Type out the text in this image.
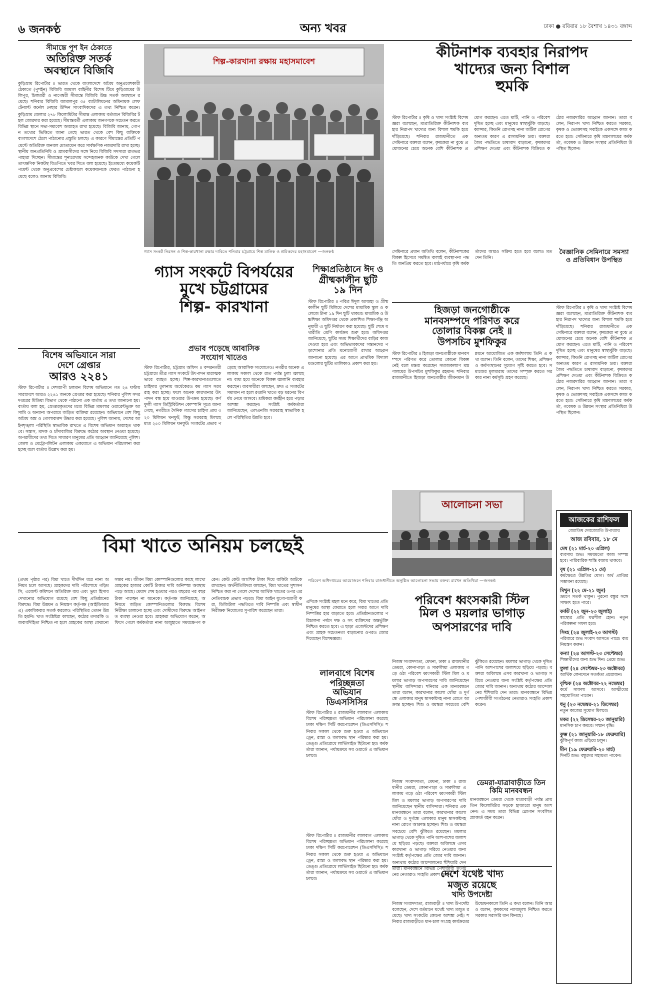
৬ জনকণ্ঠ	অন্য খবর	ঢাকা ● রবিবার ১৮ বৈশাখ ১৪৩১ বঙ্গাব্দ
সীমান্তে পুশ ইন ঠেকাতে
অতিরিক্ত সতর্ক
অবস্থানে বিজিবি
কুড়িগ্রাম রিপোর্টার ॥ ভারত থেকে বাংলাদেশে অবৈধ অনুপ্রবেশকারী ঠেকাতে (পুশইন) বিজিবি জামাল বাহিনীর বিশেষ টিমে কুড়িগ্রামের উলিপুর, চিলমারী ও নাগেশ্বরী সীমান্তে বিজিবি উচ্চ সতর্ক অবস্থানে রয়েছে। শনিবার বিজিবি জামালপুর ৩৫ ব্যাটালিয়নের অধিনায়ক লেফটেন্যান্ট কর্নেল নেছার উদ্দিন সাংবাদিকদের এ তথ্য নিশ্চিত করেন। কুড়িগ্রাম জেলার ২৭৮ কিলোমিটার সীমান্ত এলাকায় বর্তমানে বিজিবির টহল জোরদার করা হয়েছে। সীমান্তবর্তী এলাকায় জনগণকে সচেতন করতে বিভিন্ন স্থানে সভা-সমাবেশ অব্যাহত রাখা হয়েছে। বিজিবি জানায়, গোপন তথ্যের ভিত্তিতে জানা গেছে ভারত থেকে বেশ কিছু ব্যক্তিকে বাংলাদেশে ঠেলে পাঠানোর প্রস্তুতি চলছে। এ কারণে সীমান্তের প্রতিটি পয়েন্টে অতিরিক্ত জনবল মোতায়েন করে সার্বক্ষণিক নজরদারি রাখা হচ্ছে। স্থানীয় জনপ্রতিনিধি ও গ্রামবাসীদের সঙ্গে নিয়ে বিজিবি সদস্যরা রাতভর পাহারা দিচ্ছেন। সীমান্তের শূন্যরেখায় সন্দেহজনক কাউকে দেখা গেলে তাৎক্ষণিক নিকটস্থ বিওপিতে খবর দিতে বলা হয়েছে। ইতোমধ্যে কয়েকটি পয়েন্ট থেকে অনুপ্রবেশের চেষ্টাকালে কয়েকজনকে ফেরত পাঠানো হয়েছে বলেও জানায় বিজিবি।
বিশেষ অভিযানে সারা
দেশে গ্রেপ্তার
আরও ২২৪১
স্টাফ রিপোর্টার ॥ দেশব্যাপী চলমান বিশেষ অভিযানে গত ২৪ ঘণ্টায় সারাদেশে আরও ২২৪১ জনকে গ্রেপ্তার করা হয়েছে। শনিবার পুলিশ সদর দপ্তরের মিডিয়া বিভাগ থেকে পাঠানো এক বার্তায় এ তথ্য জানানো হয়। বার্তায় বলা হয়, গ্রেপ্তারকৃতদের মধ্যে বিভিন্ন মামলার ওয়ারেন্টভুক্ত আসামি ও অন্যান্য অপরাধে জড়িত ব্যক্তিরা রয়েছেন। অভিযানে বেশ কিছু অবৈধ অস্ত্র ও গোলাবারুদ উদ্ধার করা হয়েছে। পুলিশ জানায়, দেশের আইনশৃঙ্খলা পরিস্থিতি স্বাভাবিক রাখতে এ বিশেষ অভিযান অব্যাহত থাকবে। সন্ত্রাস, মাদক ও চাঁদাবাজির বিরুদ্ধে কঠোর অবস্থান নেওয়া হয়েছে। অপরাধীদের তথ্য দিতে সাধারণ মানুষের প্রতি আহ্বান জানিয়েছে পুলিশ। জেলা ও মেট্রোপলিটন এলাকায় একযোগে এ অভিযান পরিচালনা করা হচ্ছে বলে বার্তায় উল্লেখ করা হয়।
শিল্প-কারখানা রক্ষায় মহাসমাবেশ
গ্যাস সংকট নিরসন ও শিল্প-কারখানা রক্ষার দাবিতে শনিবার চট্টগ্রামে শিল্প মালিক ও শ্রমিকদের মহাসমাবেশ —জনকণ্ঠ
গ্যাস সংকটে বিপর্যয়ের
মুখে চট্টগ্রামের
শিল্প- কারখানা
প্রভাব পড়েছে আবাসিক
সংযোগ খাতেও
স্টাফ রিপোর্টার, চট্টগ্রাম অফিস ॥ বন্দরনগরী চট্টগ্রামে তীব্র গ্যাস সংকটে উৎপাদন মারাত্মকভাবে ব্যাহত হচ্ছে। শিল্প-কারখানাগুলোতে চাহিদার তুলনায় অর্ধেকেরও কম গ্যাস সরবরাহ করা হচ্ছে। ফলে অনেক কারখানার উৎপাদন বন্ধ হয়ে যাওয়ার উপক্রম হয়েছে। কর্ণফুলী গ্যাস ডিস্ট্রিবিউশন কোম্পানি সূত্রে জানা গেছে, নগরীতে দৈনিক গ্যাসের চাহিদা প্রায় ৩২০ মিলিয়ন ঘনফুট, কিন্তু সরবরাহ মিলছে মাত্র ২৫০ মিলিয়ন ঘনফুট। সংকটের প্রভাব পড়েছে আবাসিক সংযোগেও। নগরীর অনেক এলাকায় সকাল থেকে রাত পর্যন্ত চুলা জ্বলছে না। বাধ্য হয়ে অনেকে বিকল্প জ্বালানি ব্যবহার করছেন। ব্যবসায়ীরা বলছেন, দ্রুত এ সংকটের সমাধান না হলে রপ্তানি খাতে বড় ধরনের বিপর্যয় নেমে আসবে। শ্রমিকরা কর্মহীন হয়ে পড়ার আশঙ্কা করছেন। সংশ্লিষ্ট কর্মকর্তারা জানিয়েছেন, এলএনজি সরবরাহ স্বাভাবিক হলে পরিস্থিতির উন্নতি হবে।
শিক্ষাপ্রতিষ্ঠানে ঈদ ও
গ্রীষ্মকালীন ছুটি
১৯ দিন
স্টাফ রিপোর্টার ॥ পবিত্র ঈদুল আজহা ও গ্রীষ্মকালীন ছুটি মিলিয়ে দেশের মাধ্যমিক স্কুল ও কলেজে টানা ১৯ দিন ছুটি থাকবে। মাধ্যমিক ও উচ্চশিক্ষা অধিদপ্তর থেকে প্রকাশিত শিক্ষাপঞ্জি অনুযায়ী এ ছুটি নির্ধারণ করা হয়েছে। ছুটি শেষে যথারীতি শ্রেণি কার্যক্রম শুরু হবে। অধিদপ্তর জানিয়েছে, ছুটির সময় শিক্ষার্থীদের বাড়ির কাজ দেওয়া হবে এবং অভিভাবকদের সন্তানদের পড়াশোনার প্রতি মনোযোগী রাখার আহ্বান জানানো হয়েছে। এর আগে প্রাথমিক বিদ্যালয়গুলোর ছুটির তালিকাও প্রকাশ করা হয়।
কীটনাশক ব্যবহার নিরাপদ
খাদ্যের জন্য বিশাল
হুমকি
স্টাফ রিপোর্টার ॥ কৃষি ও খাদ্য সংশ্লিষ্ট বিশেষজ্ঞরা বলেছেন, মাত্রাতিরিক্ত কীটনাশক ব্যবহার নিরাপদ খাদ্যের জন্য বিশাল হুমকি হয়ে দাঁড়িয়েছে। শনিবার রাজধানীতে এক সেমিনারে বক্তারা বলেন, কৃষকেরা না বুঝে প্রয়োজনের চেয়ে অনেক বেশি কীটনাশক প্রয়োগ করছেন। এতে মাটি, পানি ও পরিবেশ দূষিত হচ্ছে এবং মানুষের স্বাস্থ্যঝুঁকি বাড়ছে। ক্যান্সার, কিডনি রোগসহ নানা জটিল রোগের অন্যতম কারণ এ রাসায়নিক দ্রব্য। বক্তারা জৈব পদ্ধতিতে চাষাবাদ বাড়ানো, কৃষকদের প্রশিক্ষণ দেওয়া এবং কীটনাশক বিক্রিতে কঠোর নজরদারির আহ্বান জানান। তারা বলেন, নিরাপদ খাদ্য নিশ্চিত করতে সরকার, কৃষক ও ভোক্তাসহ সবাইকে একসঙ্গে কাজ করতে হবে। সেমিনারে কৃষি মন্ত্রণালয়ের কর্মকর্তা, গবেষক ও উন্নয়ন সংস্থার প্রতিনিধিরা উপস্থিত ছিলেন।
বৈজ্ঞানিক সেমিনারে সমস্যা ও প্রতিবিধান উপস্থিত
সেমিনারে প্রধান অতিথি বলেন, কীটনাশকের বিকল্প হিসেবে সমন্বিত বালাই ব্যবস্থাপনা পদ্ধতি জনপ্রিয় করতে হবে। মাঠপর্যায়ে কৃষি কর্মকর্তাদের আরও সক্রিয় হতে হবে বলেও মত দেন তিনি।
হিজড়া জনগোষ্ঠীকে
মানবসম্পদে পরিণত করে
তোলার বিকল্প নেই ॥
উপসচিব মুশফিকুর
স্টাফ রিপোর্টার ॥ হিজড়া জনগোষ্ঠীকে মানবসম্পদে পরিণত করে তোলার কোনো বিকল্প নেই বলে মন্তব্য করেছেন সমাজকল্যাণ মন্ত্রণালয়ের উপসচিব মুশফিকুর রহমান। শনিবার রাজধানীতে হিজড়া জনগোষ্ঠীর জীবনমান উন্নয়নে আয়োজিত এক কর্মশালায় তিনি এ কথা বলেন। তিনি বলেন, তাদের শিক্ষা, প্রশিক্ষণ ও কর্মসংস্থানের সুযোগ সৃষ্টি করতে হবে। সমাজের মূলধারায় তাদের সম্পৃক্ত করতে সরকার নানা কর্মসূচি গ্রহণ করেছে।
স্টাফ রিপোর্টার ॥ কৃষি ও খাদ্য সংশ্লিষ্ট বিশেষজ্ঞরা বলেছেন, মাত্রাতিরিক্ত কীটনাশক ব্যবহার নিরাপদ খাদ্যের জন্য বিশাল হুমকি হয়ে দাঁড়িয়েছে। শনিবার রাজধানীতে এক সেমিনারে বক্তারা বলেন, কৃষকেরা না বুঝে প্রয়োজনের চেয়ে অনেক বেশি কীটনাশক প্রয়োগ করছেন। এতে মাটি, পানি ও পরিবেশ দূষিত হচ্ছে এবং মানুষের স্বাস্থ্যঝুঁকি বাড়ছে। ক্যান্সার, কিডনি রোগসহ নানা জটিল রোগের অন্যতম কারণ এ রাসায়নিক দ্রব্য। বক্তারা জৈব পদ্ধতিতে চাষাবাদ বাড়ানো, কৃষকদের প্রশিক্ষণ দেওয়া এবং কীটনাশক বিক্রিতে কঠোর নজরদারির আহ্বান জানান। তারা বলেন, নিরাপদ খাদ্য নিশ্চিত করতে সরকার, কৃষক ও ভোক্তাসহ সবাইকে একসঙ্গে কাজ করতে হবে। সেমিনারে কৃষি মন্ত্রণালয়ের কর্মকর্তা, গবেষক ও উন্নয়ন সংস্থার প্রতিনিধিরা উপস্থিত ছিলেন।
আলোচনা সভা
পরিবেশ অধিদপ্তরের আয়োজনে শনিবার রাজধানীতে অনুষ্ঠিত আলোচনা সভায় বক্তব্য রাখেন অতিথিরা —জনকণ্ঠ
আজকের রাশিফল
জ্যোতিষ দেবজ্যোতি উপাধ্যায়
আজ রবিবার, ১৮ মে
মেষ (২১ মার্চ-২০ এপ্রিল)
ব্যবসায় শুভ। সময়মতো কাজ সম্পন্ন হবে। পারিবারিক শান্তি বজায় থাকবে।
বৃষ (২১ এপ্রিল-২১ মে)
কর্মক্ষেত্রে উন্নতির যোগ। অর্থ প্রাপ্তির সম্ভাবনা রয়েছে।
মিথুন (২২ মে-২১ জুন)
ভ্রমণে সতর্ক থাকুন। পুরনো বন্ধুর সঙ্গে সাক্ষাৎ হতে পারে।
কর্কট (২২ জুন-২৩ জুলাই)
স্বাস্থ্যের প্রতি যত্নশীল হোন। নতুন পরিকল্পনা সফল হবে।
সিংহ (২৪ জুলাই-২৩ আগস্ট)
পরিবারে শুভ সংবাদ আসতে পারে। ব্যয় নিয়ন্ত্রণ করুন।
কন্যা (২৪ আগস্ট-২৩ সেপ্টেম্বর)
শিক্ষার্থীদের জন্য শুভ দিন। প্রেমে শুভ।
তুলা (২৪ সেপ্টেম্বর-২৩ অক্টোবর)
আর্থিক লেনদেনে সতর্কতা প্রয়োজন।
বৃশ্চিক (২৪ অক্টোবর-২২ নভেম্বর)
কর্মে সাফল্য আসবে। আত্মীয়ের সহযোগিতা পাবেন।
ধনু (২৩ নভেম্বর-২১ ডিসেম্বর)
নতুন কাজের সুযোগ মিলবে।
মকর (২২ ডিসেম্বর-২০ জানুয়ারি)
মানসিক চাপ কমবে। সম্মান বৃদ্ধি।
কুম্ভ (২১ জানুয়ারি-১৮ ফেব্রুয়ারি)
ঝুঁকিপূর্ণ কাজ এড়িয়ে চলুন।
মীন (১৯ ফেব্রুয়ারি-২০ মার্চ)
দিনটি শুভ। বন্ধুদের সহায়তা পাবেন।
বিমা খাতে অনিয়ম চলছেই
(প্রথম পৃষ্ঠার পর) বিমা খাতে দীর্ঘদিন ধরে নানা অনিয়ম চলে আসছে। গ্রাহকদের দাবি পরিশোধে গড়িমসি, এজেন্ট কমিশনে অতিরিক্ত ব্যয় এবং ভুয়া হিসাব দেখানোর অভিযোগ রয়েছে বেশ কিছু প্রতিষ্ঠানের বিরুদ্ধে। বিমা উন্নয়ন ও নিয়ন্ত্রণ কর্তৃপক্ষ (আইডিআরএ) একাধিকবার সতর্ক করলেও পরিস্থিতির তেমন উন্নতি হয়নি। খাত সংশ্লিষ্টরা বলছেন, কঠোর তদারকি ও জবাবদিহিতা নিশ্চিত না হলে গ্রাহকের আস্থা ফেরানো সম্ভব নয়। জীবন বিমা কোম্পানিগুলোর কাছে লাখো গ্রাহকের হাজার কোটি টাকার দাবি অনিষ্পন্ন অবস্থায় পড়ে আছে। মেয়াদ শেষ হওয়ার পরও বছরের পর বছর টাকা পাচ্ছেন না অনেকে। কর্তৃপক্ষ জানিয়েছে, অনিয়মে জড়িত কোম্পানিগুলোর বিরুদ্ধে বিশেষ নিরীক্ষা চালানো হচ্ছে এবং দোষীদের বিরুদ্ধে আইনগত ব্যবস্থা নেওয়া হবে। গ্রাহকরা অভিযোগ করেন, অফিসে গেলে কর্মকর্তারা নানা অজুহাতে সময়ক্ষেপণ করেন। কেউ কেউ আংশিক টাকা দিয়ে বাকিটা আটকে রাখছেন। অর্থনীতিবিদরা বলছেন, বিমা খাতের সুশাসন নিশ্চিত করা না গেলে দেশের আর্থিক খাতের ওপর এর নেতিবাচক প্রভাব পড়বে। বিমা আইন যুগোপযোগী করা, ডিজিটাল পদ্ধতিতে দাবি নিষ্পত্তি এবং স্বাধীন নিরীক্ষক নিয়োগের সুপারিশ করেছেন তারা।
এদিকে সংশ্লিষ্ট মহল মনে করে, বিমা খাতের প্রতি মানুষের আস্থা ফেরাতে হলে সবার আগে দাবি নিষ্পত্তির হার বাড়াতে হবে। প্রতিষ্ঠানগুলোর পরিচালনা পর্ষদে দক্ষ ও সৎ ব্যক্তিদের অন্তর্ভুক্তি নিশ্চিত করতে হবে। এ ছাড়া এজেন্টদের প্রশিক্ষণ এবং গ্রাহক সচেতনতা বাড়ানোর ওপরও জোর দিয়েছেন বিশেষজ্ঞরা।
লালবাগে বিশেষ
পরিচ্ছন্নতা
অভিযান
ডিএসসিসির
স্টাফ রিপোর্টার ॥ রাজধানীর লালবাগ এলাকায় বিশেষ পরিচ্ছন্নতা অভিযান পরিচালনা করেছে ঢাকা দক্ষিণ সিটি করপোরেশন (ডিএসসিসি)। শনিবার সকাল থেকে শুরু হওয়া এ অভিযানে ড্রেন, রাস্তা ও জলাবদ্ধ স্থান পরিষ্কার করা হয়। ডেঙ্গু প্রতিরোধে লার্ভিসাইড ছিটানো হয়। কর্মকর্তারা জানান, পর্যায়ক্রমে সব ওয়ার্ডে এ অভিযান চলবে।
পরিবেশ ধ্বংসকারী স্টিল
মিল ও ময়লার ভাগাড়
অপসারণের দাবি
নিজস্ব সংবাদদাতা, মেঘনা, ঢাকা ॥ রাজধানীর ডেমরা, কোনাপাড়া ও সারুলিয়া এলাকায় গড়ে ওঠা পরিবেশ ধ্বংসকারী স্টিল মিল ও ময়লার ভাগাড় অপসারণের দাবি জানিয়েছেন স্থানীয় বাসিন্দারা। শনিবার এক মানববন্ধনে তারা বলেন, কারখানার কালো ধোঁয়া ও দুর্গন্ধে এলাকার মানুষ শ্বাসকষ্টসহ নানা রোগে আক্রান্ত হচ্ছেন। শিশু ও বয়স্করা সবচেয়ে বেশি ঝুঁকিতে রয়েছেন। ময়লার ভাগাড় থেকে দূষিত পানি আশপাশের জলাশয়ে ছড়িয়ে পড়ছে। বক্তারা অবিলম্বে এসব কারখানা ও ভাগাড় সরিয়ে নেওয়ার জন্য সংশ্লিষ্ট কর্তৃপক্ষের প্রতি জোর দাবি জানান। অন্যথায় কঠোর আন্দোলনের হুঁশিয়ারি দেন তারা। মানববন্ধনে বিভিন্ন পেশাজীবী সংগঠনের নেতারাও সংহতি প্রকাশ করেন।
ডেমরা-যাত্রাবাড়ীতে তিন
কিমি মানববন্ধন
মানববন্ধনে ডেমরা থেকে যাত্রাবাড়ী পর্যন্ত প্রায় তিন কিলোমিটার সড়কে হাজারো মানুষ অংশ নেন। এ সময় তারা বিভিন্ন স্লোগান সংবলিত প্ল্যাকার্ড বহন করেন।
নিজস্ব সংবাদদাতা, মেঘনা, ঢাকা ॥ রাজধানীর ডেমরা, কোনাপাড়া ও সারুলিয়া এলাকায় গড়ে ওঠা পরিবেশ ধ্বংসকারী স্টিল মিল ও ময়লার ভাগাড় অপসারণের দাবি জানিয়েছেন স্থানীয় বাসিন্দারা। শনিবার এক মানববন্ধনে তারা বলেন, কারখানার কালো ধোঁয়া ও দুর্গন্ধে এলাকার মানুষ শ্বাসকষ্টসহ নানা রোগে আক্রান্ত হচ্ছেন। শিশু ও বয়স্করা সবচেয়ে বেশি ঝুঁকিতে রয়েছেন। ময়লার ভাগাড় থেকে দূষিত পানি আশপাশের জলাশয়ে ছড়িয়ে পড়ছে। বক্তারা অবিলম্বে এসব কারখানা ও ভাগাড় সরিয়ে নেওয়ার জন্য সংশ্লিষ্ট কর্তৃপক্ষের প্রতি জোর দাবি জানান। অন্যথায় কঠোর আন্দোলনের হুঁশিয়ারি দেন তারা। মানববন্ধনে বিভিন্ন পেশাজীবী সংগঠনের নেতারাও সংহতি প্রকাশ করেন।
দেশে যথেষ্ট খাদ্য
মজুত রয়েছে
খাদ্য উপদেষ্টা
নিজস্ব সংবাদদাতা, রাজবাড়ী ॥ খাদ্য উপদেষ্টা বলেছেন, দেশে বর্তমানে যথেষ্ট খাদ্য মজুত রয়েছে। খাদ্য সংকটের কোনো আশঙ্কা নেই। শনিবার রাজবাড়ীতে ধান-চাল সংগ্রহ কার্যক্রমের উদ্বোধনকালে তিনি এ কথা বলেন। তিনি আরও বলেন, কৃষকদের ন্যায্যমূল্য নিশ্চিত করতে সরকার সরাসরি ধান কিনছে।
স্টাফ রিপোর্টার ॥ রাজধানীর লালবাগ এলাকায় বিশেষ পরিচ্ছন্নতা অভিযান পরিচালনা করেছে ঢাকা দক্ষিণ সিটি করপোরেশন (ডিএসসিসি)। শনিবার সকাল থেকে শুরু হওয়া এ অভিযানে ড্রেন, রাস্তা ও জলাবদ্ধ স্থান পরিষ্কার করা হয়। ডেঙ্গু প্রতিরোধে লার্ভিসাইড ছিটানো হয়। কর্মকর্তারা জানান, পর্যায়ক্রমে সব ওয়ার্ডে এ অভিযান চলবে।
